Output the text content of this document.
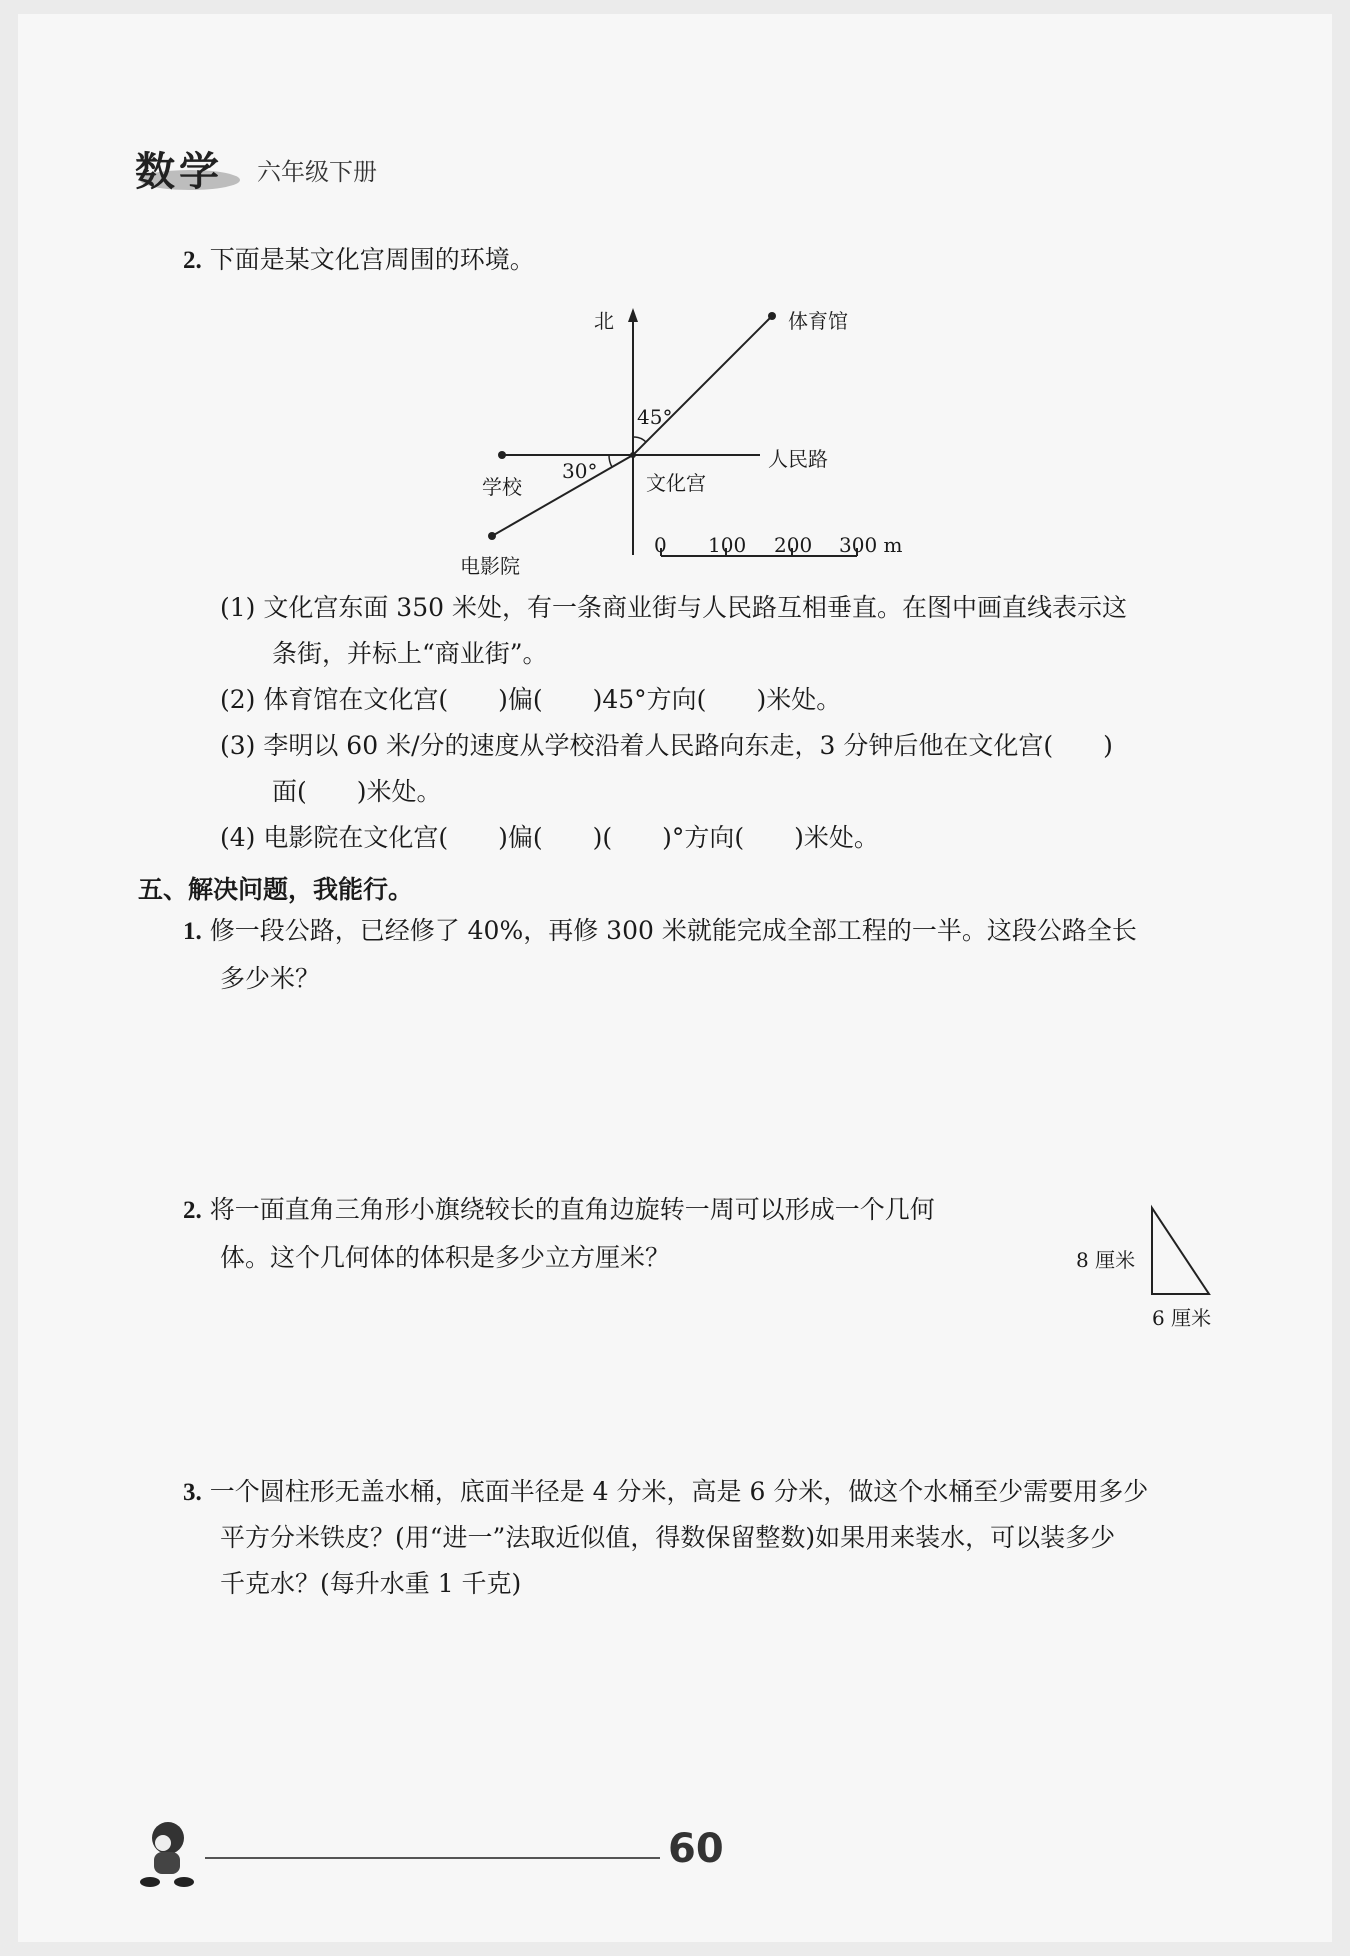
数学 六年级下册
2. 下面是某文化宫周围的环境。
北	体育馆
45°
人民路
30° 文化宫
学校
电影院
0 100 200 300 m
(1) 文化宫东面 350 米处，有一条商业街与人民路互相垂直。在图中画直线表示这
条街，并标上“商业街”。
(2) 体育馆在文化宫(　　)偏(　　)45°方向(　　)米处。
(3) 李明以 60 米/分的速度从学校沿着人民路向东走，3 分钟后他在文化宫(　　)
面(　　)米处。
(4) 电影院在文化宫(　　)偏(　　)(　　)°方向(　　)米处。
五、解决问题，我能行。
1. 修一段公路，已经修了 40%，再修 300 米就能完成全部工程的一半。这段公路全长
多少米？
2. 将一面直角三角形小旗绕较长的直角边旋转一周可以形成一个几何
体。这个几何体的体积是多少立方厘米？	8 厘米
6 厘米
3. 一个圆柱形无盖水桶，底面半径是 4 分米，高是 6 分米，做这个水桶至少需要用多少
平方分米铁皮？(用“进一”法取近似值，得数保留整数)如果用来装水，可以装多少
千克水？(每升水重 1 千克)
60
